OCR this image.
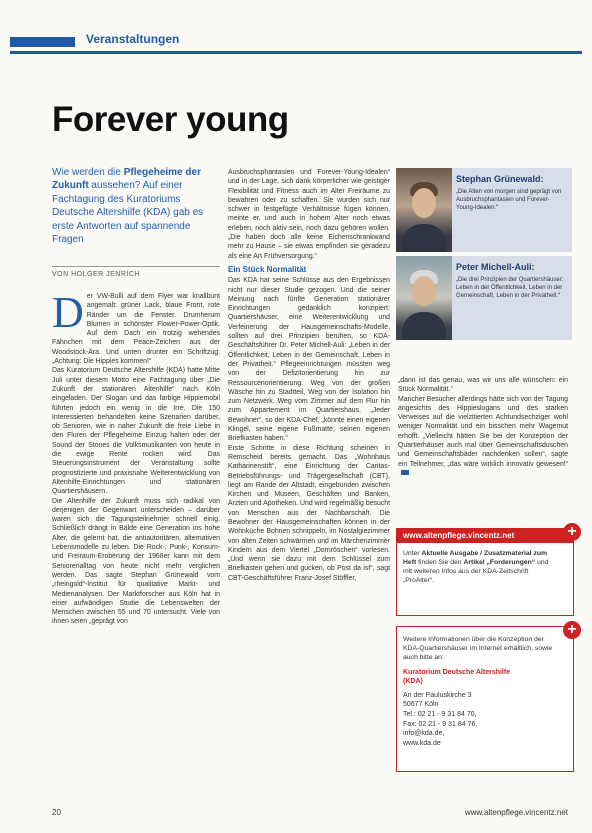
Veranstaltungen
Forever young
Wie werden die Pflegeheime der Zukunft aussehen? Auf einer Fachtagung des Kuratoriums Deutsche Altershilfe (KDA) gab es erste Antworten auf spannende Fragen
VON HOLGER JENRICH

Der VW-Bulli auf dem Flyer war knallbunt angemalt: grüner Lack, blaue Front, rote Ränder um die Fenster. Drumherum Blumen in schönster Flower-Power-Optik. Auf dem Dach ein trotzig wehendes Fähnchen mit dem Peace-Zeichen aus der Woodstock-Ära. Und unten drunter ein Schriftzug: „Achtung: Die Hippies kommen!“

Das Kuratorium Deutsche Altershilfe (KDA) hatte Mitte Juli unter diesem Motto eine Fachtagung über „Die Zukunft der stationären Altenhilfe“ nach Köln eingeladen. Der Slogan und das farbige Hippiemobil führten jedoch ein wenig in die Irre. Die 150 Interessierten behandelten keine Szenarien darüber, ob Senioren, wie in naher Zukunft die freie Liebe in den Fluren der Pflegeheime Einzug halten oder der Sound der Stones die Volksmusikanten von heute in die ewige Rente rocken wird. Das Steuerungsinstrument der Veranstaltung sollte prognostizierte und praxisnahe Weiterentwicklung von Altenhilfe-Einrichtungen und stationären Quartiershäusern.

Die Altenhilfe der Zukunft muss sich radikal von derjenigen der Gegenwart unterscheiden – darüber waren sich die Tagungsteilnehmer schnell einig. Schließlich drängt in Bälde eine Generation ins hohe Alter, die gelernt hat, die antiautoritären, alternativen Lebensmodelle zu leben. Die Rock-, Punk-, Konsum- und Freiraum-Eroberung der 1968er kann mit dem Seniorenalltag von heute nicht mehr verglichen werden. Das sagte Stephan Grünewald vom „rheingold“-Institut für qualitative Markt- und Medienanalysen. Der Marktforscher aus Köln hat in einer aufwändigen Studie die Lebenswelten der Menschen zwischen 55 und 70 untersucht. Viele von ihnen seien „geprägt von

Ausbruchsphantasien und Forever-Young-Idealen“ und in der Lage, sich dank körperlicher wie geistiger Flexibilität und Fitness auch im Alter Freiräume zu bewahren oder zu schaffen. Sie wurden sich nur schwer in festgefügte Verhältnisse fügen können, meinte er, und auch in hohem Alter noch etwas erleben, noch aktiv sein, noch dazu gehören wollen. „Die haben doch alle keine Eichenschrankwand mehr zu Hause – sie etwas empfinden sie geradezu als eine Art Frühversorgung.“

Ein Stück Normalität

Das KDA hat seine Schlüsse aus den Ergebnissen nicht nur dieser Studie gezogen. Und die seiner Meinung nach fünfte Generation stationärer Einrichtungen gedanklich konzipiert: Quartiershäuser, eine Weiterentwicklung und Verfeinerung der Hausgemeinschafts-Modelle, sollten auf drei Prinzipien beruhen, so KDA-Geschäftsführer Dr. Peter Michell-Auli: „Leben in der Öffentlichkeit, Leben in der Gemeinschaft, Leben in der Privatheit.“ Pflegeeinrichtungen müssten weg von der Defizitorientierung hin zur Ressourcenorientierung. Weg von der großen Wäsche hin zu Stadtteil, Weg von der Isolation hin zum Netzwerk. Weg vom Zimmer auf dem Flur hin zum Appartement im Quartiershaus. „Jeder Bewohner“, so der KDA-Chef, „könnte einen eigenen Klingel, seine eigene Fußmatte, seinen eigenen Briefkasten haben.“

Erste Schritte in diese Richtung scheinen in Remscheid bereits gemacht. Das „Wohnhaus Katharinenstift“, eine Einrichtung der Caritas-Betriebsführungs- und Trägergesellschaft (CBT), liegt am Rande der Altstadt, eingebunden zwischen Kirchen und Museen, Geschäften und Banken, Ärzten und Apotheken. Und wird regelmäßig besucht von Menschen aus der Nachbarschaft. Die Bewohner der Hausgemeinschaften können in der Wohnküche Bohnen schnippeln, im Nostalgiezimmer von alten Zeiten schwärmen und im Märchenzimmer Kindern aus dem Viertel „Dornröschen“ vorlesen. „Und wenn sie dazu mit dem Schlüssel zum Briefkasten gehen und gucken, ob Post da ist“, sagt CBT-Geschäftsführer Franz-Josef Stöffler,

„dann ist das genau, was wir uns alle wünschen: ein Stück Normalität.“

Mancher Besucher allerdings hätte sich von der Tagung angesichts des Hippieslogans und des starken Verweises auf die vielzitierten Achtundsechziger wohl weniger Normalität und ein bisschen mehr Wagemut erhofft. „Vielleicht hätten Sie bei der Konzeption der Quartierhäuser auch mal über Gemeinschaftsduschen und Gemeinschaftsbäder nachdenken sollen“, sagte ein Teilnehmer, „das wäre wirklich innovativ gewesen!“

Stephan Grünewald:
„Die Alten von morgen sind geprägt von Ausbruchsphantasien und Forever-Young-Idealen.“
Peter Michell-Auli:
„Die drei Prinzipien der Quartiershäuser: Leben in der Öffentlichkeit, Leben in der Gemeinschaft, Leben in der Privatheit.“
www.altenpflege.vincentz.net	+
Unter Aktuelle Ausgabe / Zusatzmaterial zum Heft finden Sie den Artikel „Forderungen“ und mit weiteren Infos aus der KDA-Zeitschrift „ProAlter“.
+
Weitere Informationen über die Konzeption der KDA-Quartiershäuser im Internet erhältlich, sowie auch bitte an:
Kuratorium Deutsche Altershilfe
(KDA)
An der Pauluskirche 3
50677 Köln
Tel.: 02 21 - 9 31 84 70,
Fax: 02 21 - 9 31 84 76,
info@kda.de,
www.kda.de
20	www.altenpflege.vincentz.net
